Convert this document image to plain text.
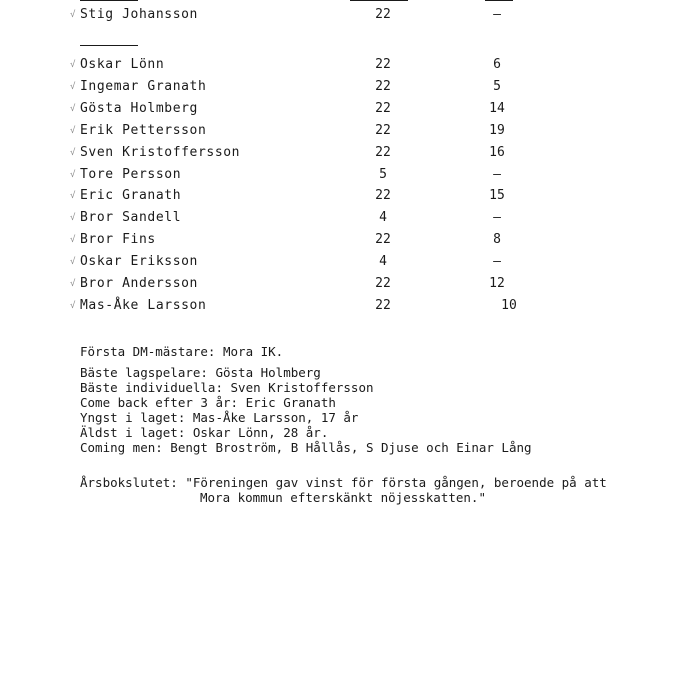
√ Stig Johansson	22	–
√ Oskar Lönn	22	6
√ Ingemar Granath	22	5
√ Gösta Holmberg	22	14
√ Erik Pettersson	22	19
√ Sven Kristoffersson	22	16
√ Tore Persson	5	–
√ Eric Granath	22	15
√ Bror Sandell	4	–
√ Bror Fins	22	8
√ Oskar Eriksson	4	–
√ Bror Andersson	22	12
√ Mas-Åke Larsson	22	10
Första DM-mästare: Mora IK.
Bäste lagspelare: Gösta Holmberg
Bäste individuella: Sven Kristoffersson
Come back efter 3 år: Eric Granath
Yngst i laget: Mas-Åke Larsson, 17 år
Äldst i laget: Oskar Lönn, 28 år.
Coming men: Bengt Broström, B Hållås, S Djuse och Einar Lång
Årsbokslutet: "Föreningen gav vinst för första gången, beroende på att
Mora kommun efterskänkt nöjesskatten."
